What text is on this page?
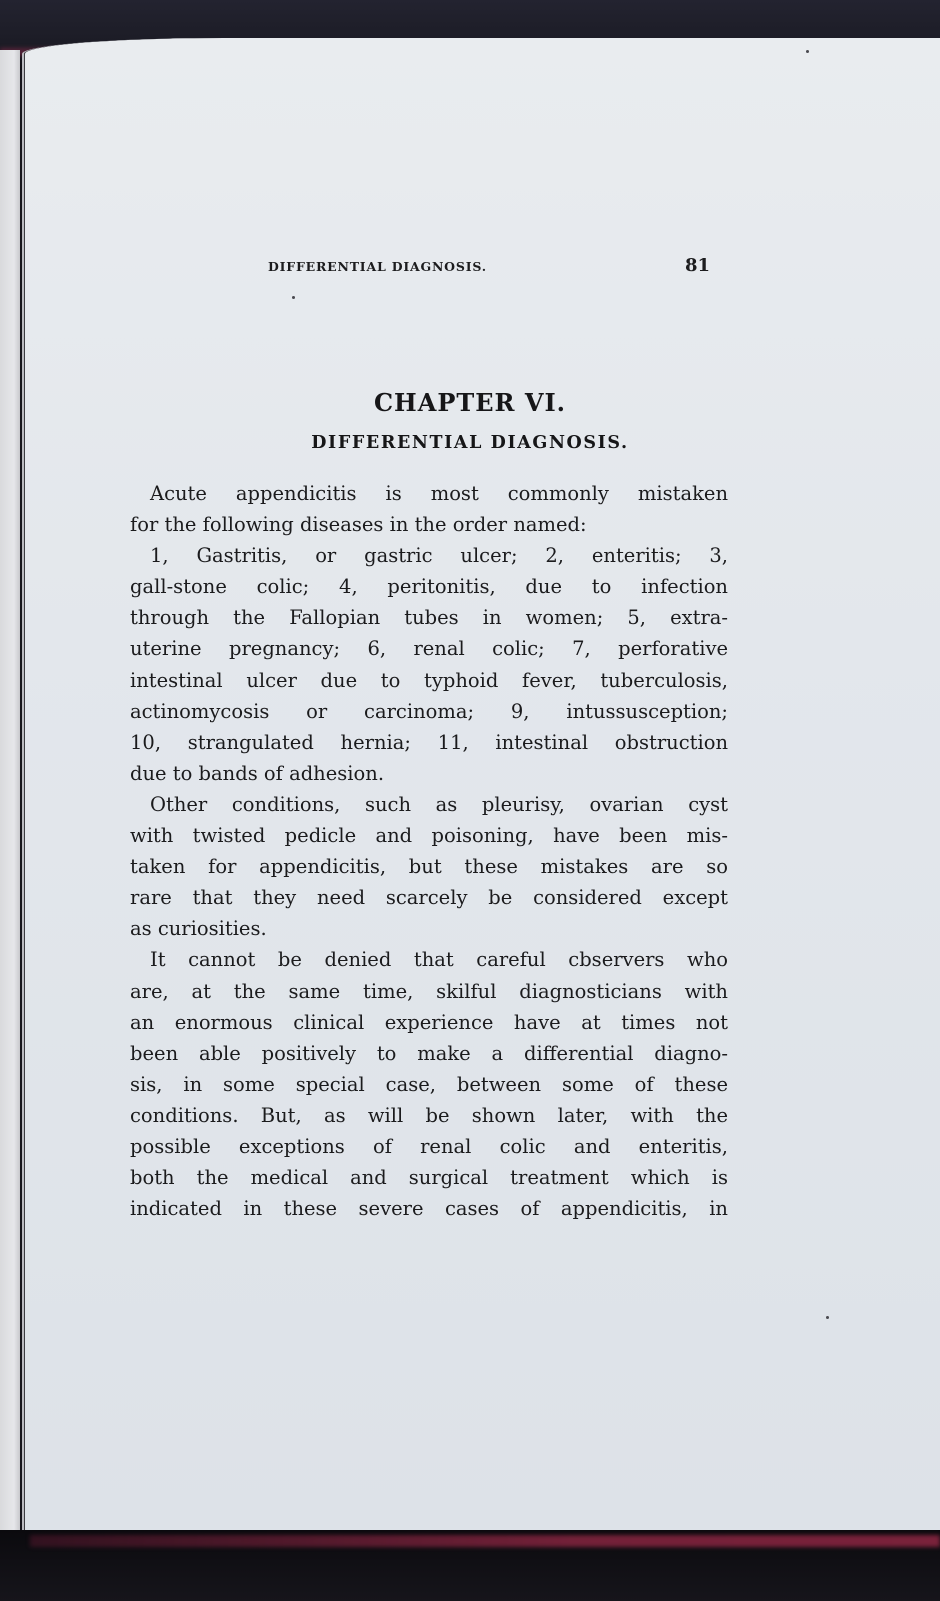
DIFFERENTIAL DIAGNOSIS.	81
CHAPTER VI.
DIFFERENTIAL DIAGNOSIS.
Acute appendicitis is most commonly mistaken
for the following diseases in the order named:
1, Gastritis, or gastric ulcer; 2, enteritis; 3,
gall-stone colic; 4, peritonitis, due to infection
through the Fallopian tubes in women; 5, extra-
uterine pregnancy; 6, renal colic; 7, perforative
intestinal ulcer due to typhoid fever, tuberculosis,
actinomycosis or carcinoma; 9, intussusception;
10, strangulated hernia; 11, intestinal obstruction
due to bands of adhesion.
Other conditions, such as pleurisy, ovarian cyst
with twisted pedicle and poisoning, have been mis-
taken for appendicitis, but these mistakes are so
rare that they need scarcely be considered except
as curiosities.
It cannot be denied that careful cbservers who
are, at the same time, skilful diagnosticians with
an enormous clinical experience have at times not
been able positively to make a differential diagno-
sis, in some special case, between some of these
conditions. But, as will be shown later, with the
possible exceptions of renal colic and enteritis,
both the medical and surgical treatment which is
indicated in these severe cases of appendicitis, in
